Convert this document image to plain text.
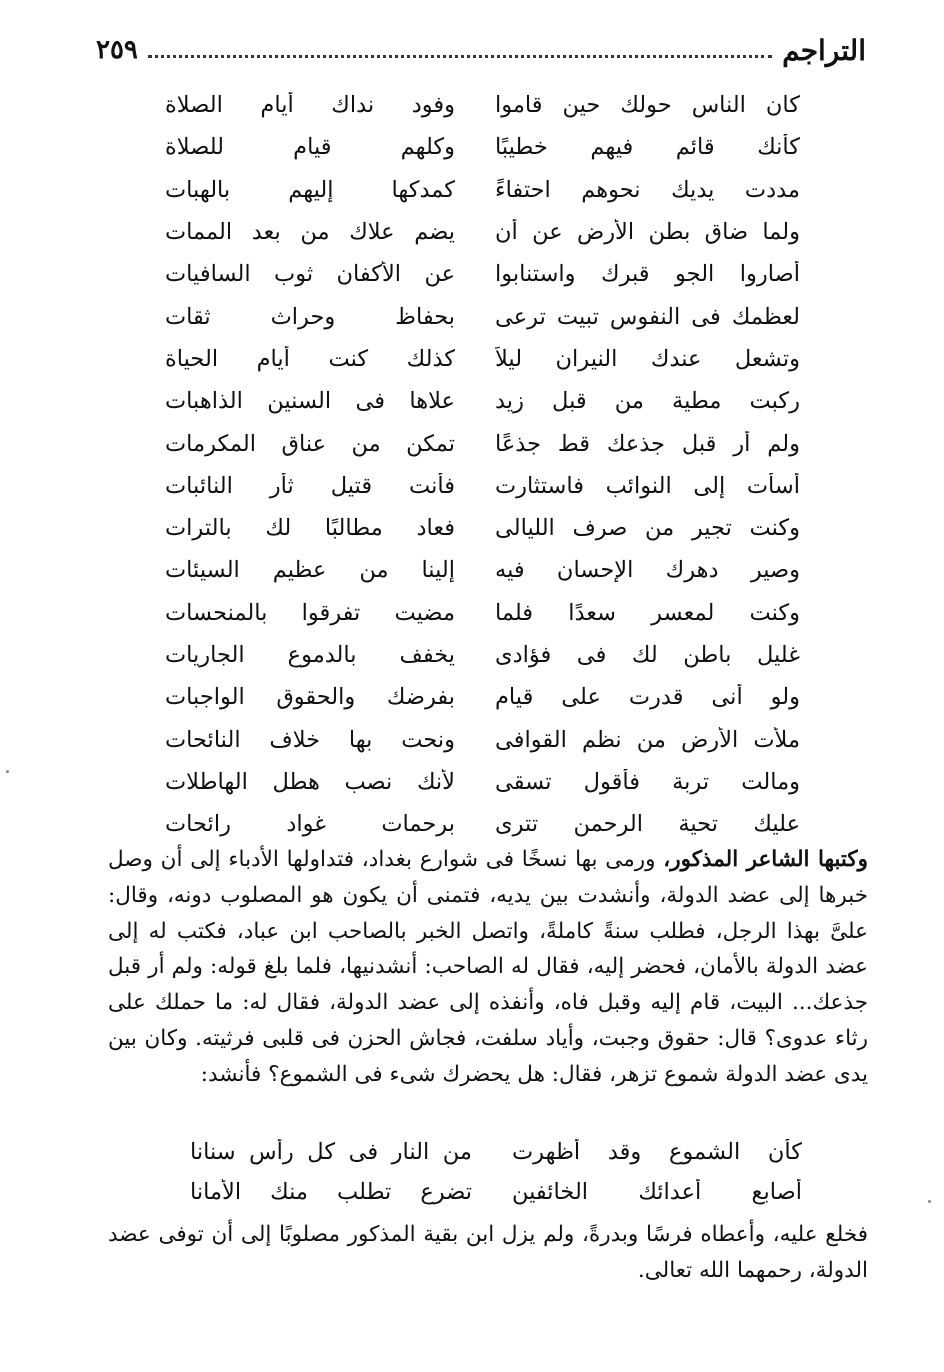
التراجم
٢٥٩
كان الناس حولك حين قاموا
وفود نداك أيام الصلاة
كأنك قائم فيهم خطيبًا
وكلهم قيام للصلاة
مددت يديك نحوهم احتفاءً
كمدكها إليهم بالهبات
ولما ضاق بطن الأرض عن أن
يضم علاك من بعد الممات
أصاروا الجو قبرك واستنابوا
عن الأكفان ثوب السافيات
لعظمك فى النفوس تبيت ترعى
بحفاظ وحراث ثقات
وتشعل عندك النيران ليلاً
كذلك كنت أيام الحياة
ركبت مطية من قبل زيد
علاها فى السنين الذاهبات
ولم أر قبل جذعك قط جذعًا
تمكن من عناق المكرمات
أسأت إلى النوائب فاستثارت
فأنت قتيل ثأر النائبات
وكنت تجير من صرف الليالى
فعاد مطالبًا لك بالترات
وصير دهرك الإحسان فيه
إلينا من عظيم السيئات
وكنت لمعسر سعدًا فلما
مضيت تفرقوا بالمنحسات
غليل باطن لك فى فؤادى
يخفف بالدموع الجاريات
ولو أنى قدرت على قيام
بفرضك والحقوق الواجبات
ملأت الأرض من نظم القوافى
ونحت بها خلاف النائحات
ومالت تربة فأقول تسقى
لأنك نصب هطل الهاطلات
عليك تحية الرحمن تترى
برحمات غواد رائحات
وكتبها الشاعر المذكور، ورمى بها نسخًا فى شوارع بغداد، فتداولها الأدباء إلى أن وصل خبرها إلى عضد الدولة، وأنشدت بين يديه، فتمنى أن يكون هو المصلوب دونه، وقال: علىَّ بهذا الرجل، فطلب سنةً كاملةً، واتصل الخبر بالصاحب ابن عباد، فكتب له إلى عضد الدولة بالأمان، فحضر إليه، فقال له الصاحب: أنشدنيها، فلما بلغ قوله: ولم أر قبل جذعك... البيت، قام إليه وقبل فاه، وأنفذه إلى عضد الدولة، فقال له: ما حملك على رثاء عدوى؟ قال: حقوق وجبت، وأياد سلفت، فجاش الحزن فى قلبى فرثيته. وكان بين يدى عضد الدولة شموع تزهر، فقال: هل يحضرك شىء فى الشموع؟ فأنشد:
كأن الشموع وقد أظهرت
من النار فى كل رأس سنانا
أصابع أعدائك الخائفين
تضرع تطلب منك الأمانا
فخلع عليه، وأعطاه فرسًا وبدرةً، ولم يزل ابن بقية المذكور مصلوبًا إلى أن توفى عضد الدولة، رحمهما الله تعالى.
